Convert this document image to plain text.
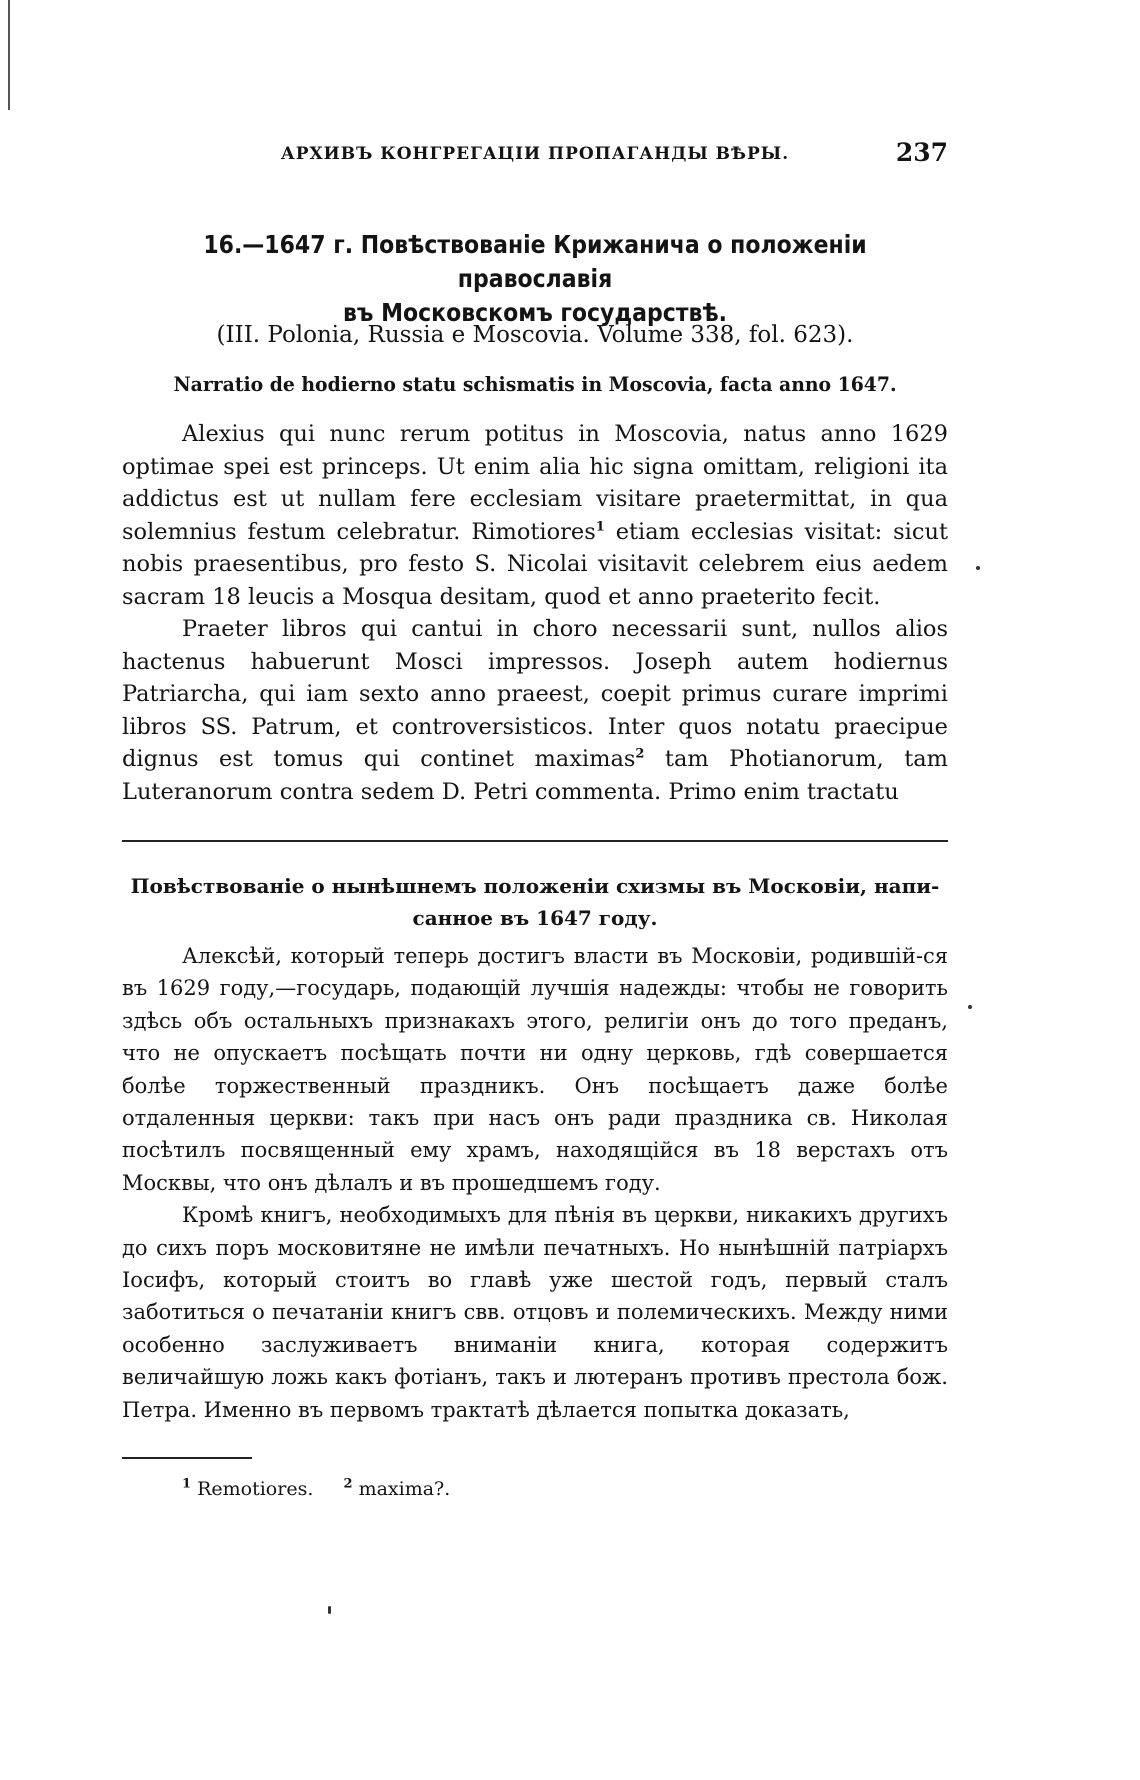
АРХИВЪ КОНГРЕГАЦІИ ПРОПАГАНДЫ ВѢРЫ.	237
16.—1647 г. Повѣствованіе Крижанича о положеніи православія
въ Московскомъ государствѣ.
(III. Polonia, Russia e Moscovia. Volume 338, fol. 623).
Narratio de hodierno statu schismatis in Moscovia, facta anno 1647.

Alexius qui nunc rerum potitus in Moscovia, natus anno 1629 optimae spei est princeps. Ut enim alia hic signa omittam, religioni ita addictus est ut nullam fere ecclesiam visitare praetermittat, in qua solemnius festum celebratur. Rimotiores$^1$ etiam ecclesias visitat: sicut nobis praesentibus, pro festo S. Nicolai visitavit celebrem eius aedem sacram 18 leucis a Mosqua desitam, quod et anno praeterito fecit.

Praeter libros qui cantui in choro necessarii sunt, nullos alios hactenus habuerunt Mosci impressos. Joseph autem hodiernus Patriarcha, qui iam sexto anno praeest, coepit primus curare imprimi libros SS. Patrum, et controversisticos. Inter quos notatu praecipue dignus est tomus qui continet maximas$^2$ tam Photianorum, tam Luteranorum contra sedem D. Petri commenta. Primo enim tractatu

Повѣствованіе о нынѣшнемъ положеніи схизмы въ Московіи, напи-
санное въ 1647 году.

Алексѣй, который теперь достигъ власти въ Московіи, родившій-ся въ 1629 году,—государь, подающій лучшія надежды: чтобы не говорить здѣсь объ остальныхъ признакахъ этого, религіи онъ до того преданъ, что не опускаетъ посѣщать почти ни одну церковь, гдѣ совершается болѣе торжественный праздникъ. Онъ посѣщаетъ даже болѣе отдаленныя церкви: такъ при насъ онъ ради праздника св. Николая посѣтилъ посвященный ему храмъ, находящійся въ 18 верстахъ отъ Москвы, что онъ дѣлалъ и въ прошедшемъ году.

Кромѣ книгъ, необходимыхъ для пѣнія въ церкви, никакихъ другихъ до сихъ поръ московитяне не имѣли печатныхъ. Но нынѣшній патріархъ Іосифъ, который стоитъ во главѣ уже шестой годъ, первый сталъ заботиться о печатаніи книгъ свв. отцовъ и полемическихъ. Между ними особенно заслуживаетъ вниманіи книга, которая содержитъ величайшую ложь какъ фотіанъ, такъ и лютеранъ противъ престола бож. Петра. Именно въ первомъ трактатѣ дѣлается попытка доказать,

$^1$ Remotiores. $^2$ maxima?.
